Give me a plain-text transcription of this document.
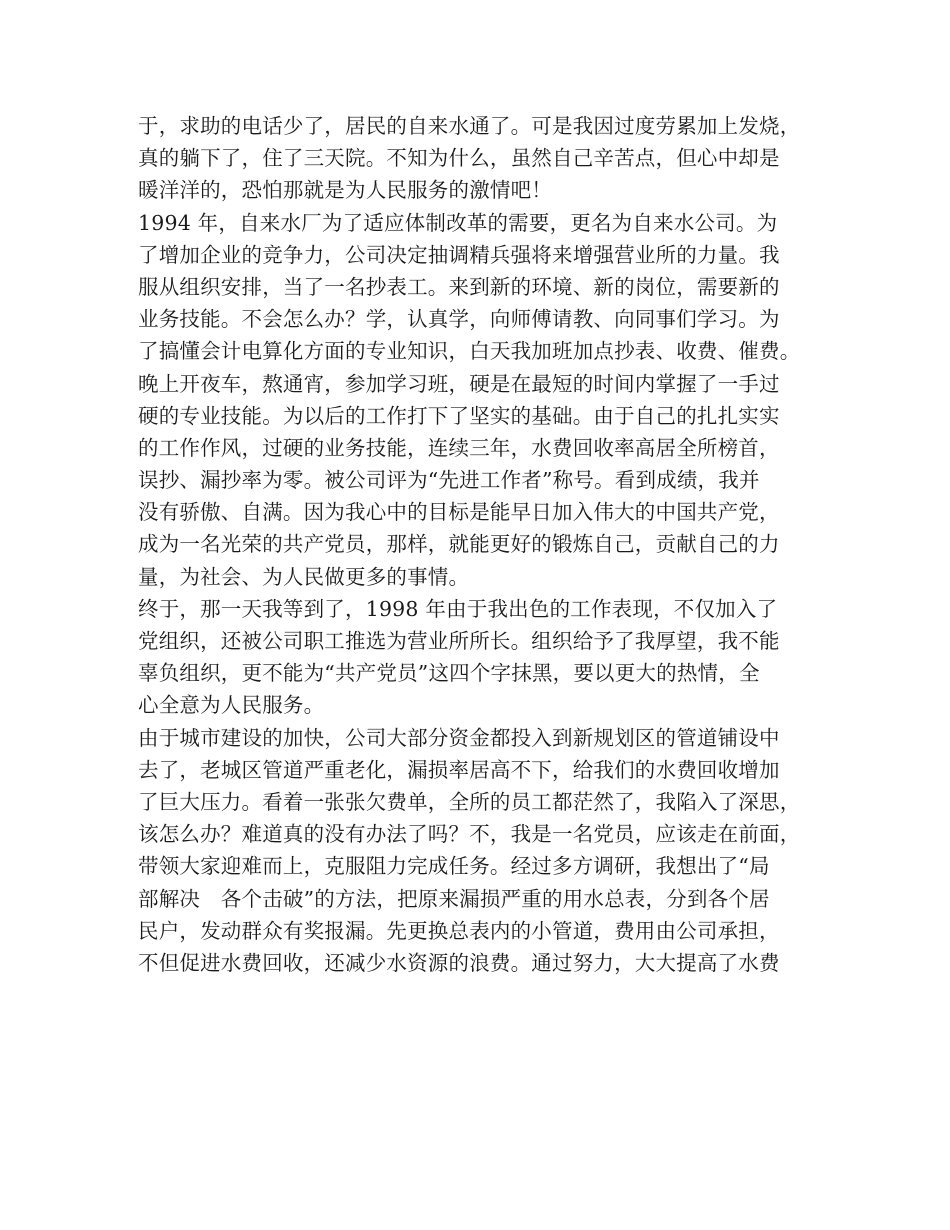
于，求助的电话少了，居民的自来水通了。可是我因过度劳累加上发烧，
真的躺下了，住了三天院。不知为什么，虽然自己辛苦点，但心中却是
暖洋洋的，恐怕那就是为人民服务的激情吧！
1994 年，自来水厂为了适应体制改革的需要，更名为自来水公司。为
了增加企业的竞争力，公司决定抽调精兵强将来增强营业所的力量。我
服从组织安排，当了一名抄表工。来到新的环境、新的岗位，需要新的
业务技能。不会怎么办？学，认真学，向师傅请教、向同事们学习。为
了搞懂会计电算化方面的专业知识，白天我加班加点抄表、收费、催费。
晚上开夜车，熬通宵，参加学习班，硬是在最短的时间内掌握了一手过
硬的专业技能。为以后的工作打下了坚实的基础。由于自己的扎扎实实
的工作作风，过硬的业务技能，连续三年，水费回收率高居全所榜首，
误抄、漏抄率为零。被公司评为“先进工作者”称号。看到成绩，我并
没有骄傲、自满。因为我心中的目标是能早日加入伟大的中国共产党，
成为一名光荣的共产党员，那样，就能更好的锻炼自己，贡献自己的力
量，为社会、为人民做更多的事情。
终于，那一天我等到了，1998 年由于我出色的工作表现，不仅加入了
党组织，还被公司职工推选为营业所所长。组织给予了我厚望，我不能
辜负组织，更不能为“共产党员”这四个字抹黑，要以更大的热情，全
心全意为人民服务。
由于城市建设的加快，公司大部分资金都投入到新规划区的管道铺设中
去了，老城区管道严重老化，漏损率居高不下，给我们的水费回收增加
了巨大压力。看着一张张欠费单，全所的员工都茫然了，我陷入了深思，
该怎么办？难道真的没有办法了吗？不，我是一名党员，应该走在前面，
带领大家迎难而上，克服阻力完成任务。经过多方调研，我想出了“局
部解决　各个击破”的方法，把原来漏损严重的用水总表，分到各个居
民户，发动群众有奖报漏。先更换总表内的小管道，费用由公司承担，
不但促进水费回收，还减少水资源的浪费。通过努力，大大提高了水费
